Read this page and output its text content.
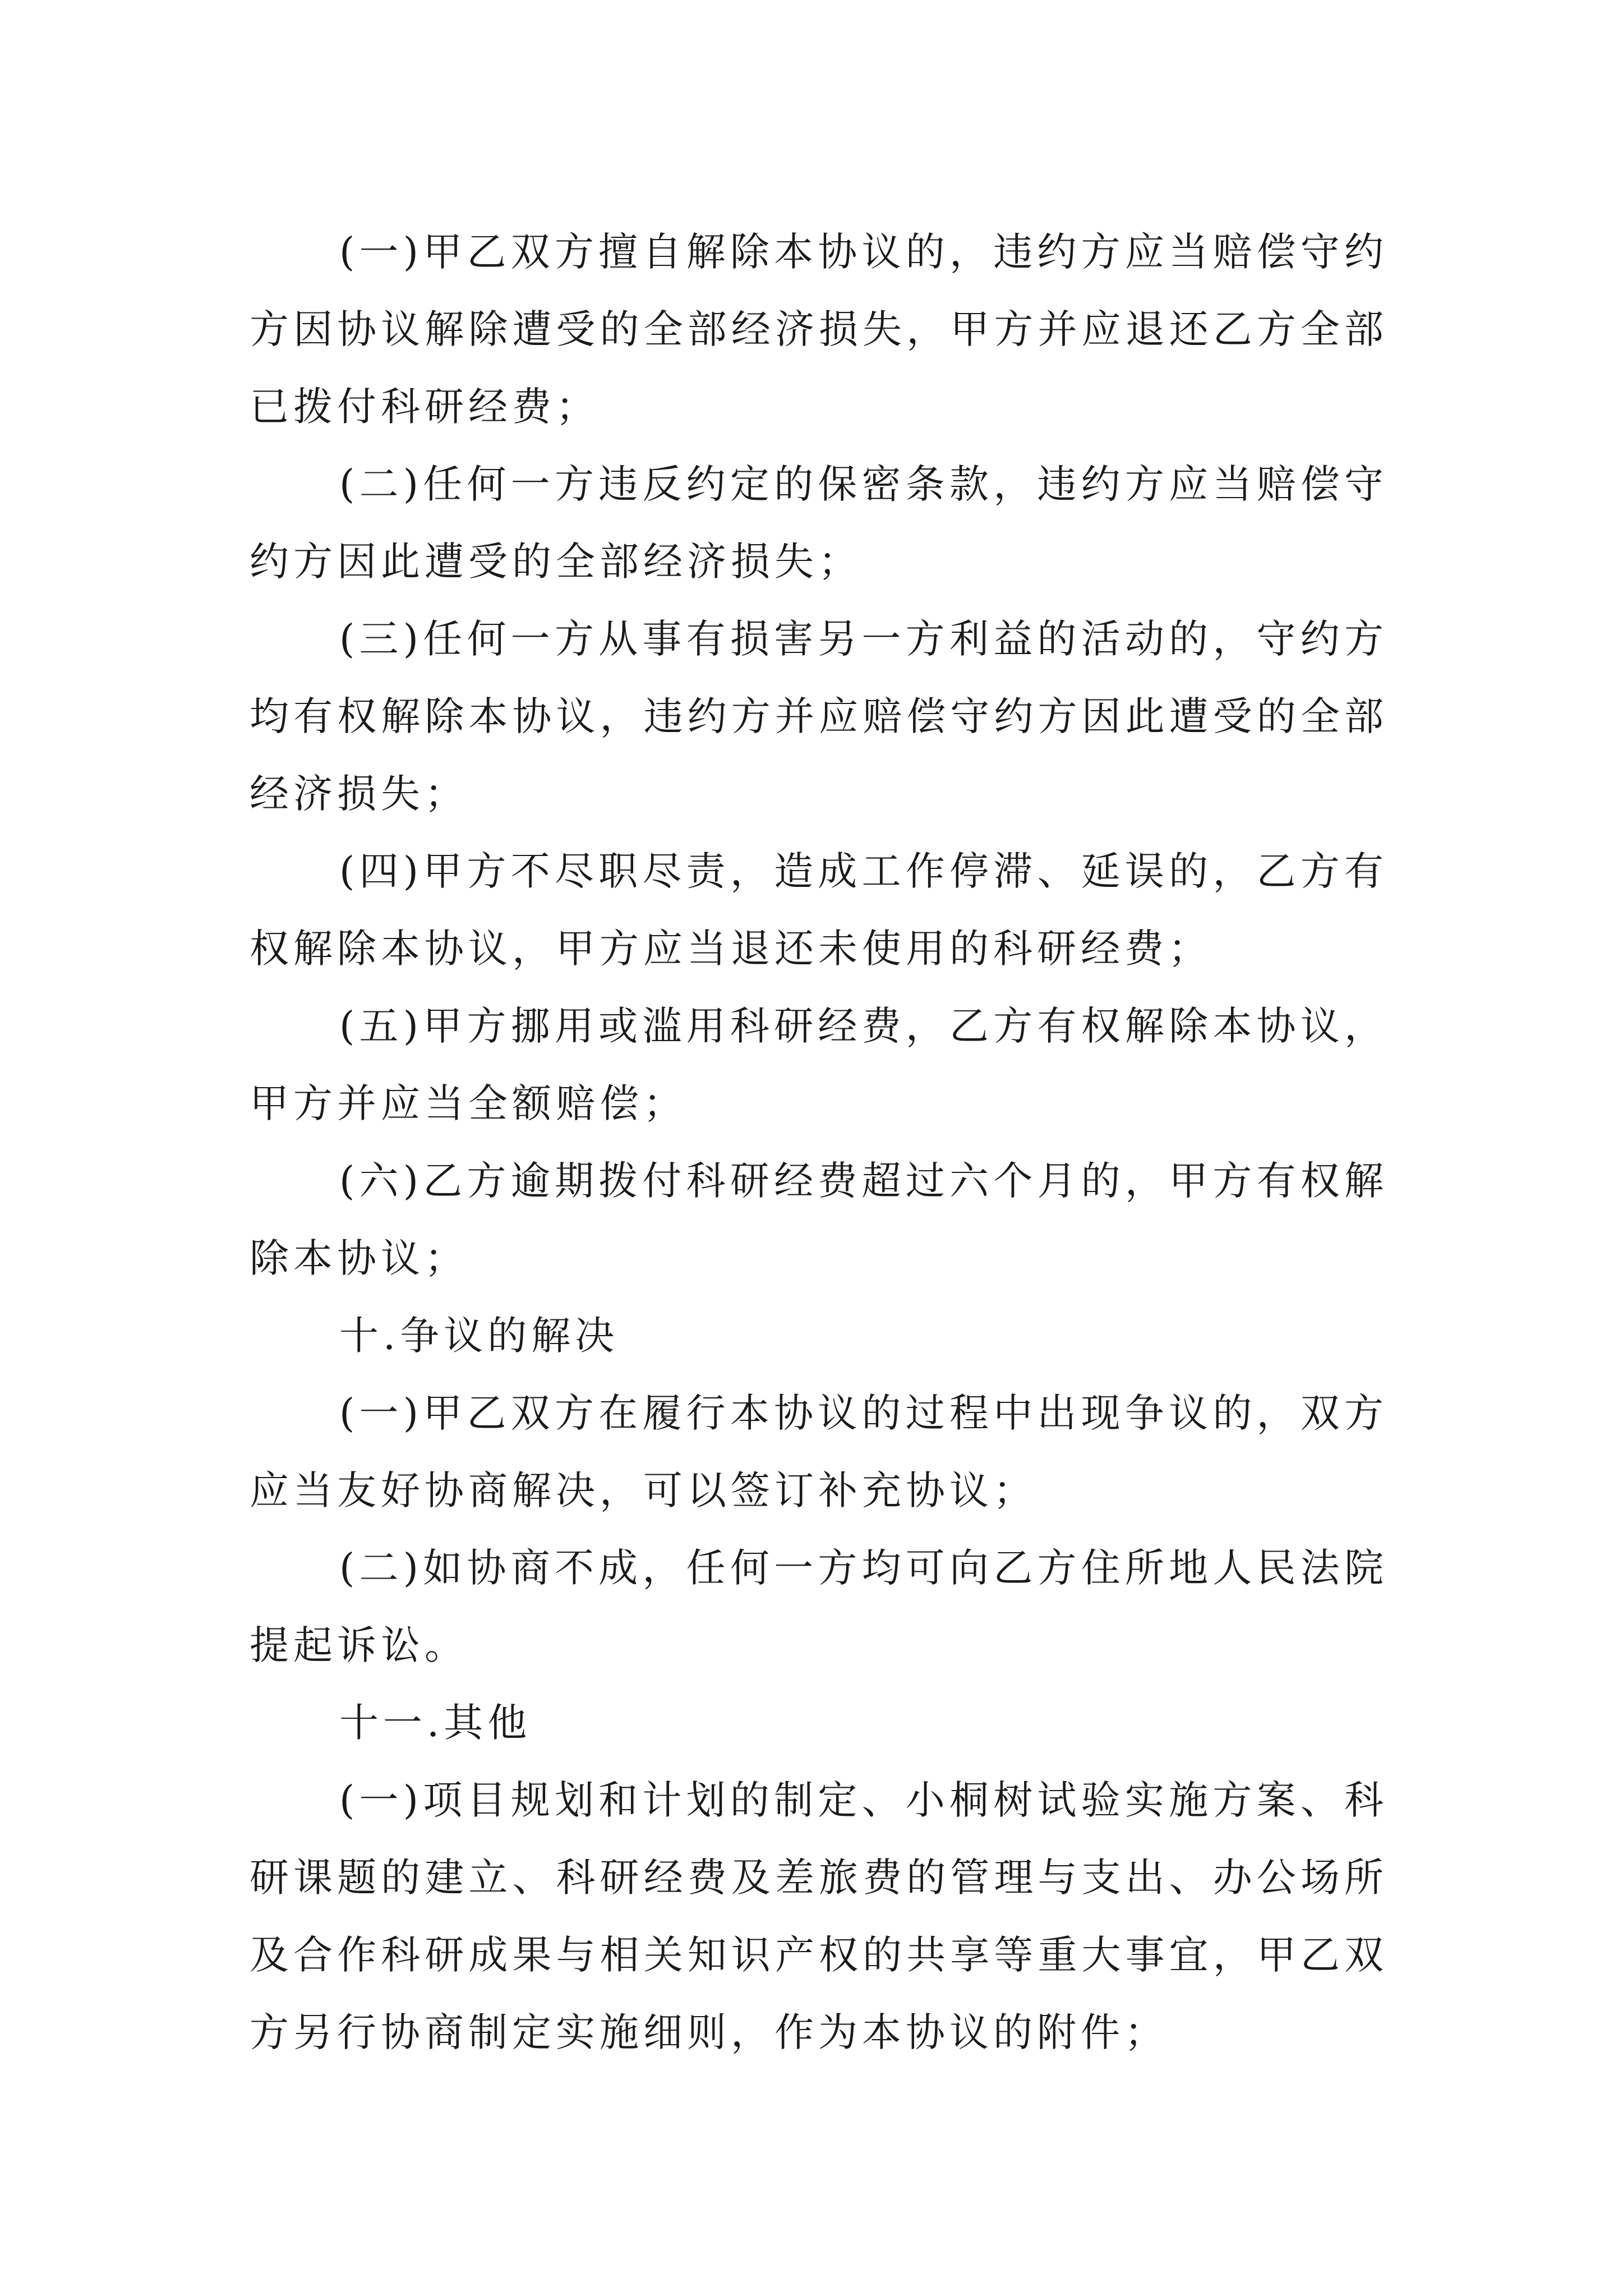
(一)甲乙双方擅自解除本协议的，违约方应当赔偿守约方因协议解除遭受的全部经济损失，甲方并应退还乙方全部已拨付科研经费；

(二)任何一方违反约定的保密条款，违约方应当赔偿守约方因此遭受的全部经济损失；

(三)任何一方从事有损害另一方利益的活动的，守约方均有权解除本协议，违约方并应赔偿守约方因此遭受的全部经济损失；

(四)甲方不尽职尽责，造成工作停滞、延误的，乙方有权解除本协议，甲方应当退还未使用的科研经费；

(五)甲方挪用或滥用科研经费，乙方有权解除本协议，甲方并应当全额赔偿；

(六)乙方逾期拨付科研经费超过六个月的，甲方有权解除本协议；

十.争议的解决

(一)甲乙双方在履行本协议的过程中出现争议的，双方应当友好协商解决，可以签订补充协议；

(二)如协商不成，任何一方均可向乙方住所地人民法院提起诉讼。

十一.其他

(一)项目规划和计划的制定、小桐树试验实施方案、科研课题的建立、科研经费及差旅费的管理与支出、办公场所及合作科研成果与相关知识产权的共享等重大事宜，甲乙双方另行协商制定实施细则，作为本协议的附件；
